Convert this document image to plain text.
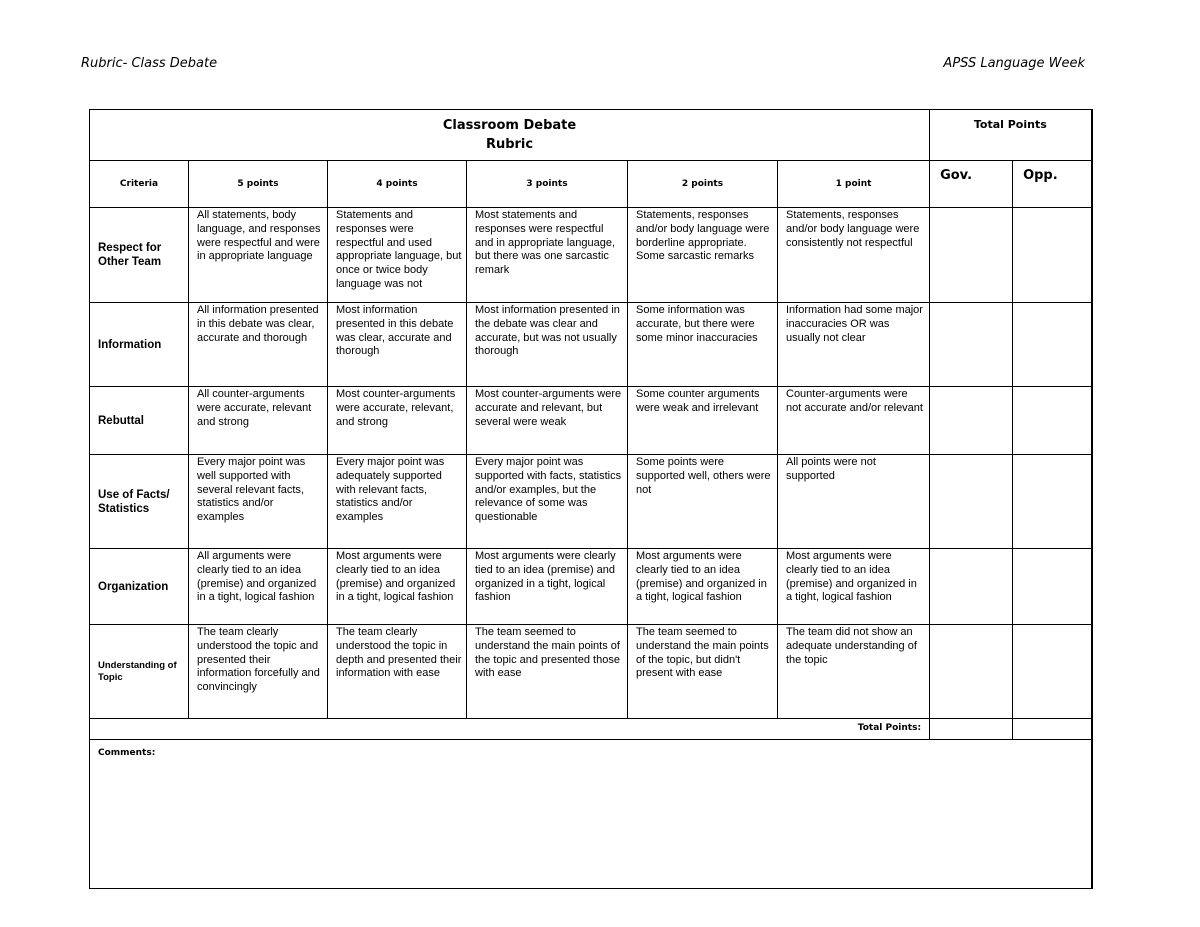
Rubric- Class Debate	APSS Language Week
Classroom Debate
Rubric						Total Points	
Criteria	5 points	4 points	3 points	2 points	1 point	Gov.	Opp.
Respect for Other Team	All statements, body language, and responses were respectful and were in appropriate language	Statements and responses were respectful and used appropriate language, but once or twice body language was not	Most statements and responses were respectful and in appropriate language, but there was one sarcastic remark	Statements, responses and/or body language were borderline appropriate. Some sarcastic remarks	Statements, responses and/or body language were consistently not respectful		
Information	All information presented in this debate was clear, accurate and thorough	Most information presented in this debate was clear, accurate and thorough	Most information presented in the debate was clear and accurate, but was not usually thorough	Some information was accurate, but there were some minor inaccuracies	Information had some major inaccuracies OR was usually not clear		
Rebuttal	All counter-arguments were accurate, relevant and strong	Most counter-arguments were accurate, relevant, and strong	Most counter-arguments were accurate and relevant, but several were weak	Some counter arguments were weak and irrelevant	Counter-arguments were not accurate and/or relevant		
Use of Facts/ Statistics	Every major point was well supported with several relevant facts, statistics and/or examples	Every major point was adequately supported with relevant facts, statistics and/or examples	Every major point was supported with facts, statistics and/or examples, but the relevance of some was questionable	Some points were supported well, others were not	All points were not supported		
Organization	All arguments were clearly tied to an idea (premise) and organized in a tight, logical fashion	Most arguments were clearly tied to an idea (premise) and organized in a tight, logical fashion	Most arguments were clearly tied to an idea (premise) and organized in a tight, logical fashion	Most arguments were clearly tied to an idea (premise) and organized in a tight, logical fashion	Most arguments were clearly tied to an idea (premise) and organized in a tight, logical fashion		
Understanding of Topic	The team clearly understood the topic and presented their information forcefully and convincingly	The team clearly understood the topic in depth and presented their information with ease	The team seemed to understand the main points of the topic and presented those with ease	The team seemed to understand the main points of the topic, but didn't present with ease	The team did not show an adequate understanding of the topic		
Total Points:							
Comments:							
